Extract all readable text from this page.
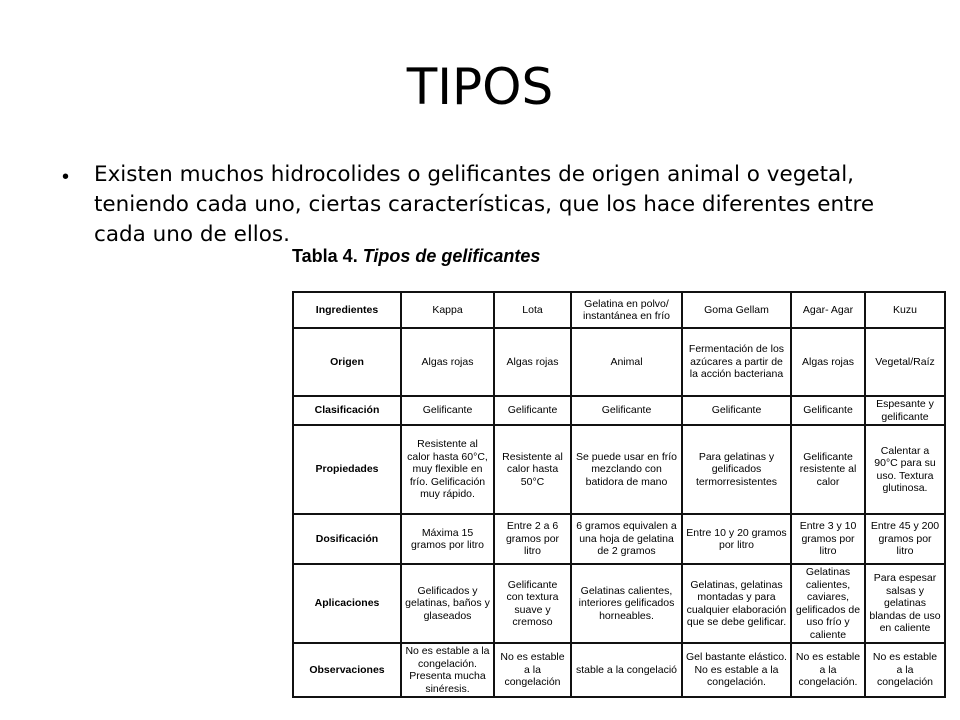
TIPOS
• Existen muchos hidrocolides o gelificantes de origen animal o vegetal, teniendo cada uno, ciertas características, que los hace diferentes entre cada uno de ellos.
Tabla 4. Tipos de gelificantes
Ingredientes	Kappa	Lota	Gelatina en polvo/ instantánea en frío	Goma Gellam	Agar- Agar	Kuzu
Origen	Algas rojas	Algas rojas	Animal	Fermentación de los azúcares a partir de la acción bacteriana	Algas rojas	Vegetal/Raíz
Clasificación	Gelificante	Gelificante	Gelificante	Gelificante	Gelificante	Espesante y gelificante
Propiedades	Resistente al calor hasta 60°C, muy flexible en frío. Gelificación muy rápido.	Resistente al calor hasta 50°C	Se puede usar en frío mezclando con batidora de mano	Para gelatinas y gelificados termorresistentes	Gelificante resistente al calor	Calentar a 90°C para su uso. Textura glutinosa.
Dosificación	Máxima 15 gramos por litro	Entre 2 a 6 gramos por litro	6 gramos equivalen a una hoja de gelatina de 2 gramos	Entre 10 y 20 gramos por litro	Entre 3 y 10 gramos por litro	Entre 45 y 200 gramos por litro
Aplicaciones	Gelificados y gelatinas, baños y glaseados	Gelificante con textura suave y cremoso	Gelatinas calientes, interiores gelificados horneables.	Gelatinas, gelatinas montadas y para cualquier elaboración que se debe gelificar.	Gelatinas calientes, caviares, gelificados de uso frío y caliente	Para espesar salsas y gelatinas blandas de uso en caliente
Observaciones	No es estable a la congelación. Presenta mucha sinéresis.	No es estable a la congelación	stable a la congelació	Gel bastante elástico. No es estable a la congelación.	No es estable a la congelación.	No es estable a la congelación
